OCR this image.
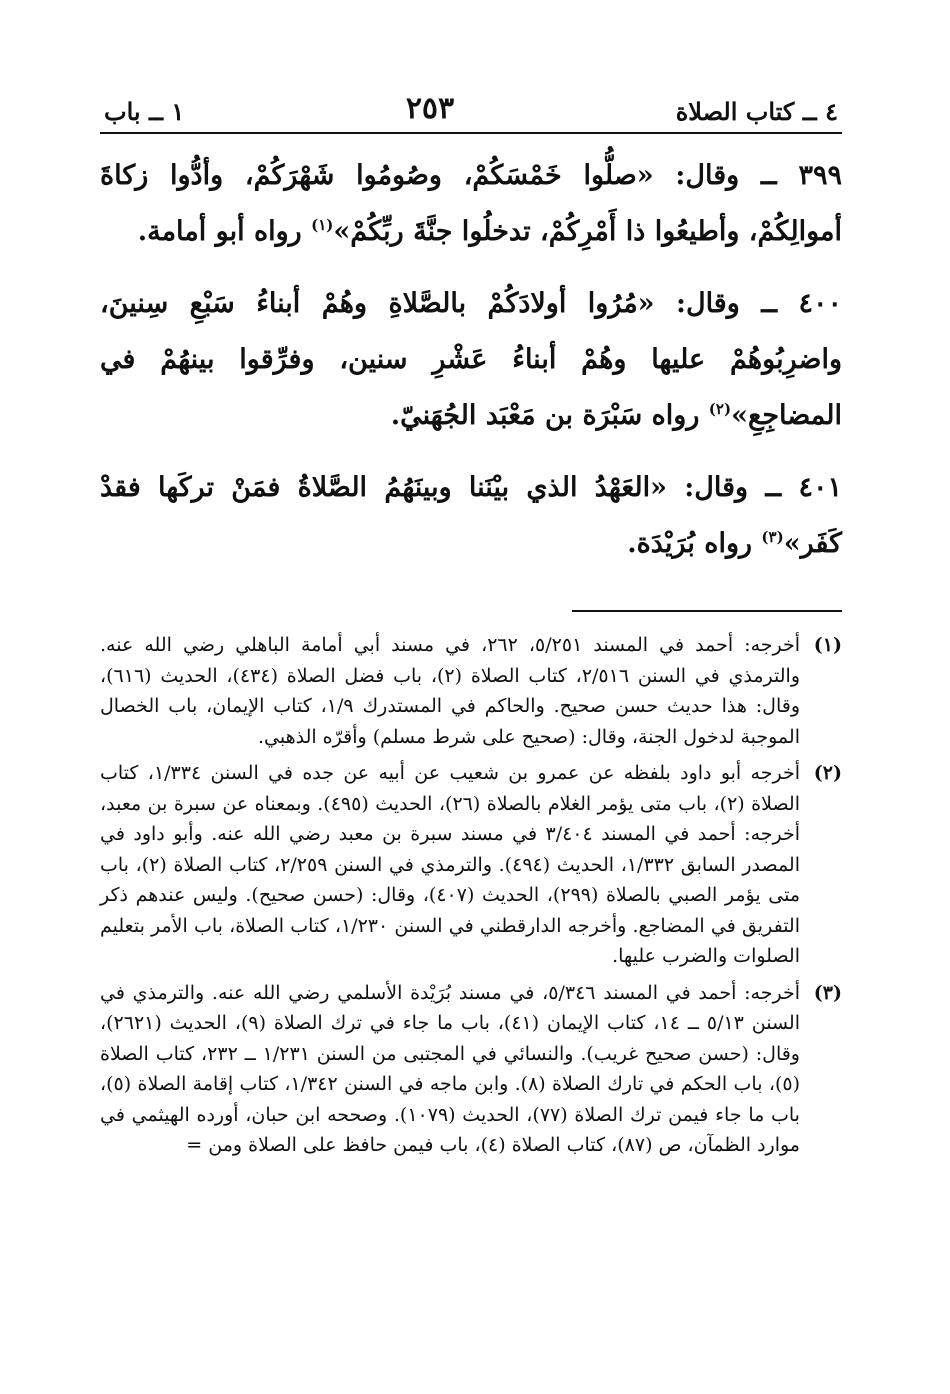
٤ ــ كتاب الصلاة
٢٥٣
١ ــ باب

٣٩٩ ــ وقال: «صلُّوا خَمْسَكُمْ، وصُومُوا شَهْرَكُمْ، وأدُّوا زكاةَ أموالِكُمْ، وأطيعُوا ذا أَمْرِكُمْ، تدخلُوا جنَّةَ ربِّكُمْ»$^{(١)}$ رواه أبو أمامة.

٤٠٠ ــ وقال: «مُرُوا أولادَكُمْ بالصَّلاةِ وهُمْ أبناءُ سَبْعِ سِنينَ، واضرِبُوهُمْ عليها وهُمْ أبناءُ عَشْرِ سنين، وفرِّقوا بينهُمْ في المضاجِعِ»$^{(٢)}$ رواه سَبْرَة بن مَعْبَد الجُهَنيّ.

٤٠١ ــ وقال: «العَهْدُ الذي بيْنَنا وبينَهُمُ الصَّلاةُ فمَنْ تركَها فقدْ كَفَر»$^{(٣)}$ رواه بُرَيْدَة.

(١)
أخرجه: أحمد في المسند ٥/٢٥١، ٢٦٢، في مسند أبي أمامة الباهلي رضي الله عنه. والترمذي في السنن ٢/٥١٦، كتاب الصلاة (٢)، باب فضل الصلاة (٤٣٤)، الحديث (٦١٦)، وقال: هذا حديث حسن صحيح. والحاكم في المستدرك ١/٩، كتاب الإيمان، باب الخصال الموجبة لدخول الجنة، وقال: (صحيح على شرط مسلم) وأقرّه الذهبي.
(٢)
أخرجه أبو داود بلفظه عن عمرو بن شعيب عن أبيه عن جده في السنن ١/٣٣٤، كتاب الصلاة (٢)، باب متى يؤمر الغلام بالصلاة (٢٦)، الحديث (٤٩٥). وبمعناه عن سبرة بن معبد، أخرجه: أحمد في المسند ٣/٤٠٤ في مسند سبرة بن معبد رضي الله عنه. وأبو داود في المصدر السابق ١/٣٣٢، الحديث (٤٩٤). والترمذي في السنن ٢/٢٥٩، كتاب الصلاة (٢)، باب متى يؤمر الصبي بالصلاة (٢٩٩)، الحديث (٤٠٧)، وقال: (حسن صحيح). وليس عندهم ذكر التفريق في المضاجع. وأخرجه الدارقطني في السنن ١/٢٣٠، كتاب الصلاة، باب الأمر بتعليم الصلوات والضرب عليها.
(٣)
أخرجه: أحمد في المسند ٥/٣٤٦، في مسند بُرَيْدة الأسلمي رضي الله عنه. والترمذي في السنن ٥/١٣ ــ ١٤، كتاب الإيمان (٤١)، باب ما جاء في ترك الصلاة (٩)، الحديث (٢٦٢١)، وقال: (حسن صحيح غريب). والنسائي في المجتبى من السنن ١/٢٣١ ــ ٢٣٢، كتاب الصلاة (٥)، باب الحكم في تارك الصلاة (٨). وابن ماجه في السنن ١/٣٤٢، كتاب إقامة الصلاة (٥)، باب ما جاء فيمن ترك الصلاة (٧٧)، الحديث (١٠٧٩). وصححه ابن حبان، أورده الهيثمي في موارد الظمآن، ص (٨٧)، كتاب الصلاة (٤)، باب فيمن حافظ على الصلاة ومن =
